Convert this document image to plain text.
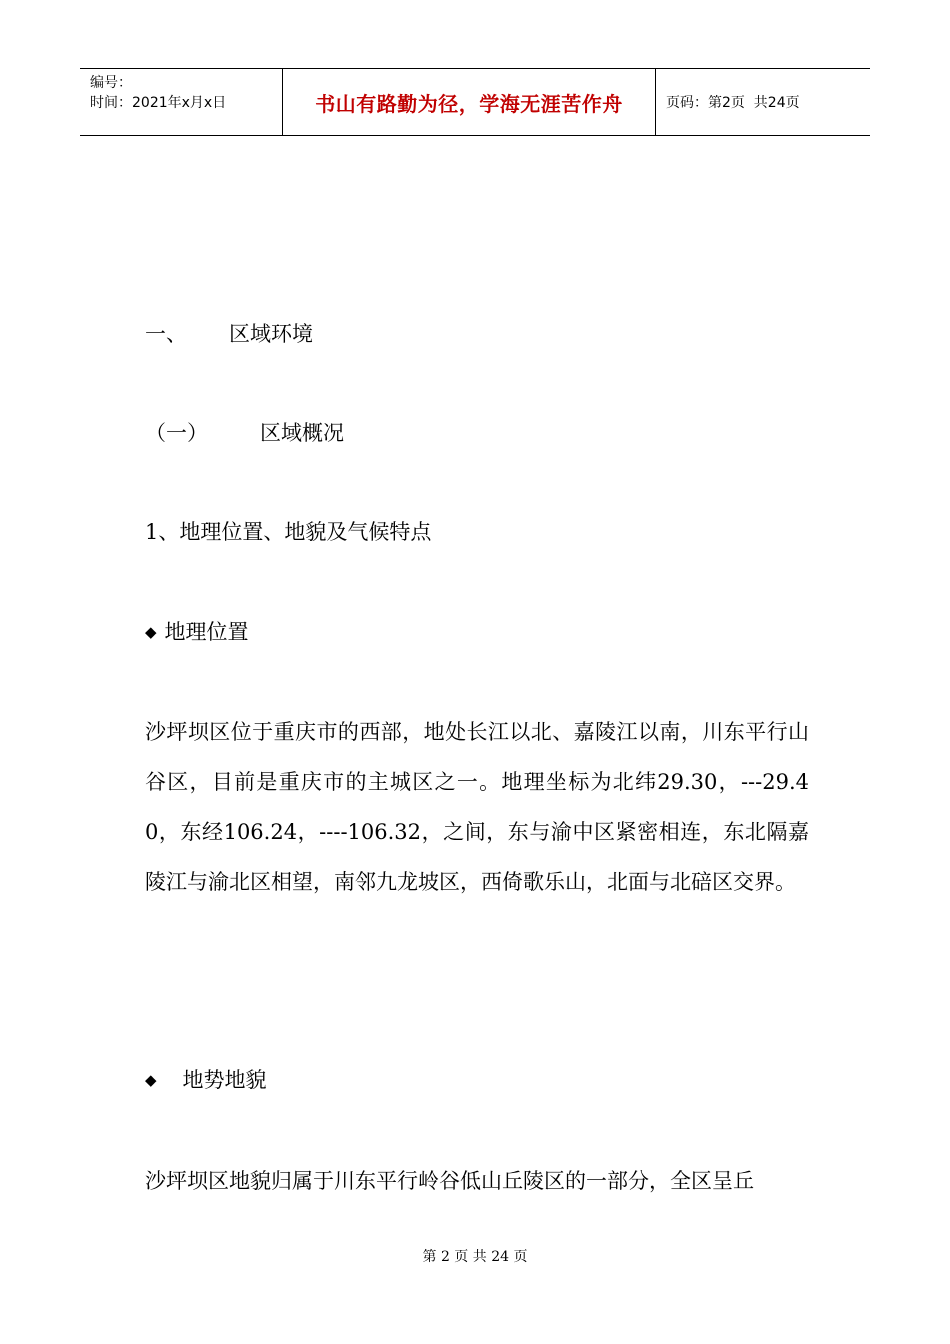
编号：
时间：2021年x月x日	书山有路勤为径，学海无涯苦作舟	页码：第2页  共24页
一、 区域环境
（一） 区域概况
1、地理位置、地貌及气候特点
◆ 地理位置
沙坪坝区位于重庆市的西部，地处长江以北、嘉陵江以南，川东平行山谷区，目前是重庆市的主城区之一。地理坐标为北纬29.30，---29.40，东经106.24，----106.32，之间，东与渝中区紧密相连，东北隔嘉陵江与渝北区相望，南邻九龙坡区，西倚歌乐山，北面与北碚区交界。
◆ 地势地貌
沙坪坝区地貌归属于川东平行岭谷低山丘陵区的一部分，全区呈丘
第 2 页 共 24 页
